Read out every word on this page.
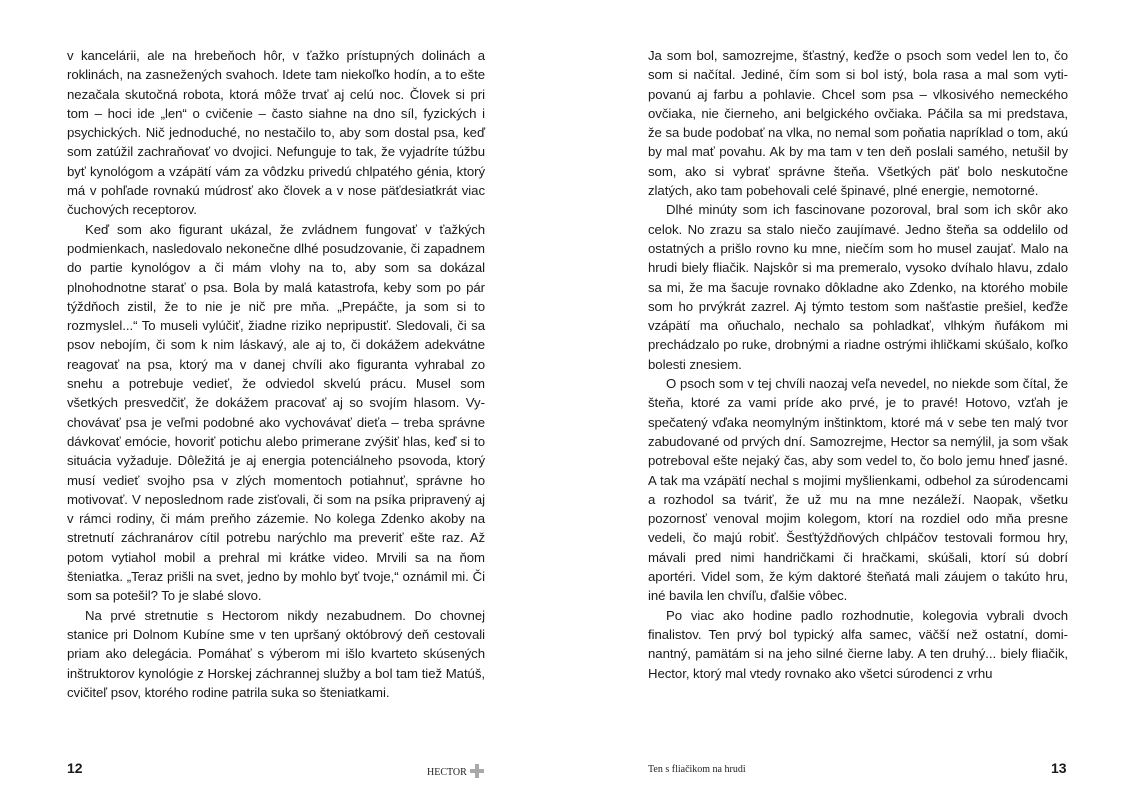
v kancelárii, ale na hrebeňoch hôr, v ťažko prístupných dolinách a roklinách, na zasnežených svahoch. Idete tam niekoľko hodín, a to ešte nezačala skutočná robota, ktorá môže trvať aj celú noc. Človek si pri tom – hoci ide „len“ o cvičenie – často siahne na dno síl, fyzických i psychických. Nič jednoduché, no nestačilo to, aby som dostal psa, keď som zatúžil zachraňovať vo dvojici. Nefunguje to tak, že vyjadríte túžbu byť kynológom a vzápätí vám za vôdzku privedú chlpatého génia, ktorý má v pohľade rovnakú múdrosť ako človek a v nose päťdesiatkrát viac čuchových receptorov.

Keď som ako figurant ukázal, že zvládnem fungovať v ťažkých podmienkach, nasledovalo nekonečne dlhé posudzovanie, či zapadnem do partie kynológov a či mám vlohy na to, aby som sa dokázal plnohodnotne starať o psa. Bola by malá katastrofa, keby som po pár týždňoch zistil, že to nie je nič pre mňa. „Prepáčte, ja som si to rozmyslel...“ To museli vylúčiť, žiadne riziko nepripustiť. Sledovali, či sa psov nebojím, či som k nim láskavý, ale aj to, či dokážem adekvátne reagovať na psa, ktorý ma v danej chvíli ako figuranta vyhrabal zo snehu a potrebuje vedieť, že odviedol skvelú prácu. Musel som všetkých presvedčiť, že dokážem pracovať aj so svojím hlasom. Vychovávať psa je veľmi podobné ako vychovávať dieťa – treba správne dávkovať emócie, hovoriť potichu alebo primerane zvýšiť hlas, keď si to situácia vyžaduje. Dôležitá je aj energia potenciálneho psovoda, ktorý musí vedieť svojho psa v zlých momentoch potiahnuť, správne ho motivovať. V neposlednom rade zisťovali, či som na psíka pripravený aj v rámci rodiny, či mám preňho zázemie. No kolega Zdenko akoby na stretnutí záchranárov cítil potrebu narýchlo ma preveriť ešte raz. Až potom vytiahol mobil a prehral mi krátke video. Mrvili sa na ňom šteniatka. „Teraz prišli na svet, jedno by mohlo byť tvoje,“ oznámil mi. Či som sa potešil? To je slabé slovo.

Na prvé stretnutie s Hectorom nikdy nezabudnem. Do chovnej stanice pri Dolnom Kubíne sme v ten upršaný októbrový deň cestovali priam ako delegácia. Pomáhať s výberom mi išlo kvarteto skúsených inštruktorov kynológie z Horskej záchrannej služby a bol tam tiež Matúš, cvičiteľ psov, ktorého rodine patrila suka so šteniatkami.

12	HECTOR

Ja som bol, samozrejme, šťastný, keďže o psoch som vedel len to, čo som si načítal. Jediné, čím som si bol istý, bola rasa a mal som vytipovanú aj farbu a pohlavie. Chcel som psa – vlkosivého nemeckého ovčiaka, nie čierneho, ani belgického ovčiaka. Páčila sa mi predstava, že sa bude podobať na vlka, no nemal som poňatia napríklad o tom, akú by mal mať povahu. Ak by ma tam v ten deň poslali samého, netušil by som, ako si vybrať správne šteňa. Všetkých päť bolo neskutočne zlatých, ako tam pobehovali celé špinavé, plné energie, nemotorné.

Dlhé minúty som ich fascinovane pozoroval, bral som ich skôr ako celok. No zrazu sa stalo niečo zaujímavé. Jedno šteňa sa oddelilo od ostatných a prišlo rovno ku mne, niečím som ho musel zaujať. Malo na hrudi biely fliačik. Najskôr si ma premeralo, vysoko dvíhalo hlavu, zdalo sa mi, že ma šacuje rovnako dôkladne ako Zdenko, na ktorého mobile som ho prvýkrát zazrel. Aj týmto testom som našťastie prešiel, keďže vzápätí ma oňuchalo, nechalo sa pohladkať, vlhkým ňufákom mi prechádzalo po ruke, drobnými a riadne ostrými ihličkami skúšalo, koľko bolesti znesiem.

O psoch som v tej chvíli naozaj veľa nevedel, no niekde som čítal, že šteňa, ktoré za vami príde ako prvé, je to pravé! Hotovo, vzťah je spečatený vďaka neomylným inštinktom, ktoré má v sebe ten malý tvor zabudované od prvých dní. Samozrejme, Hector sa nemýlil, ja som však potreboval ešte nejaký čas, aby som vedel to, čo bolo jemu hneď jasné. A tak ma vzápätí nechal s mojimi myšlienkami, odbehol za súrodencami a rozhodol sa tváriť, že už mu na mne nezáleží. Naopak, všetku pozornosť venoval mojim kolegom, ktorí na rozdiel odo mňa presne vedeli, čo majú robiť. Šesťtýždňových chlpáčov testovali formou hry, mávali pred nimi handričkami či hračkami, skúšali, ktorí sú dobrí aportéri. Videl som, že kým daktoré šteňatá mali záujem o takúto hru, iné bavila len chvíľu, ďalšie vôbec.

Po viac ako hodine padlo rozhodnutie, kolegovia vybrali dvoch finalistov. Ten prvý bol typický alfa samec, väčší než ostatní, dominantný, pamätám si na jeho silné čierne laby. A ten druhý... biely fliačik, Hector, ktorý mal vtedy rovnako ako všetci súrodenci z vrhu

Ten s fliačikom na hrudi	13
